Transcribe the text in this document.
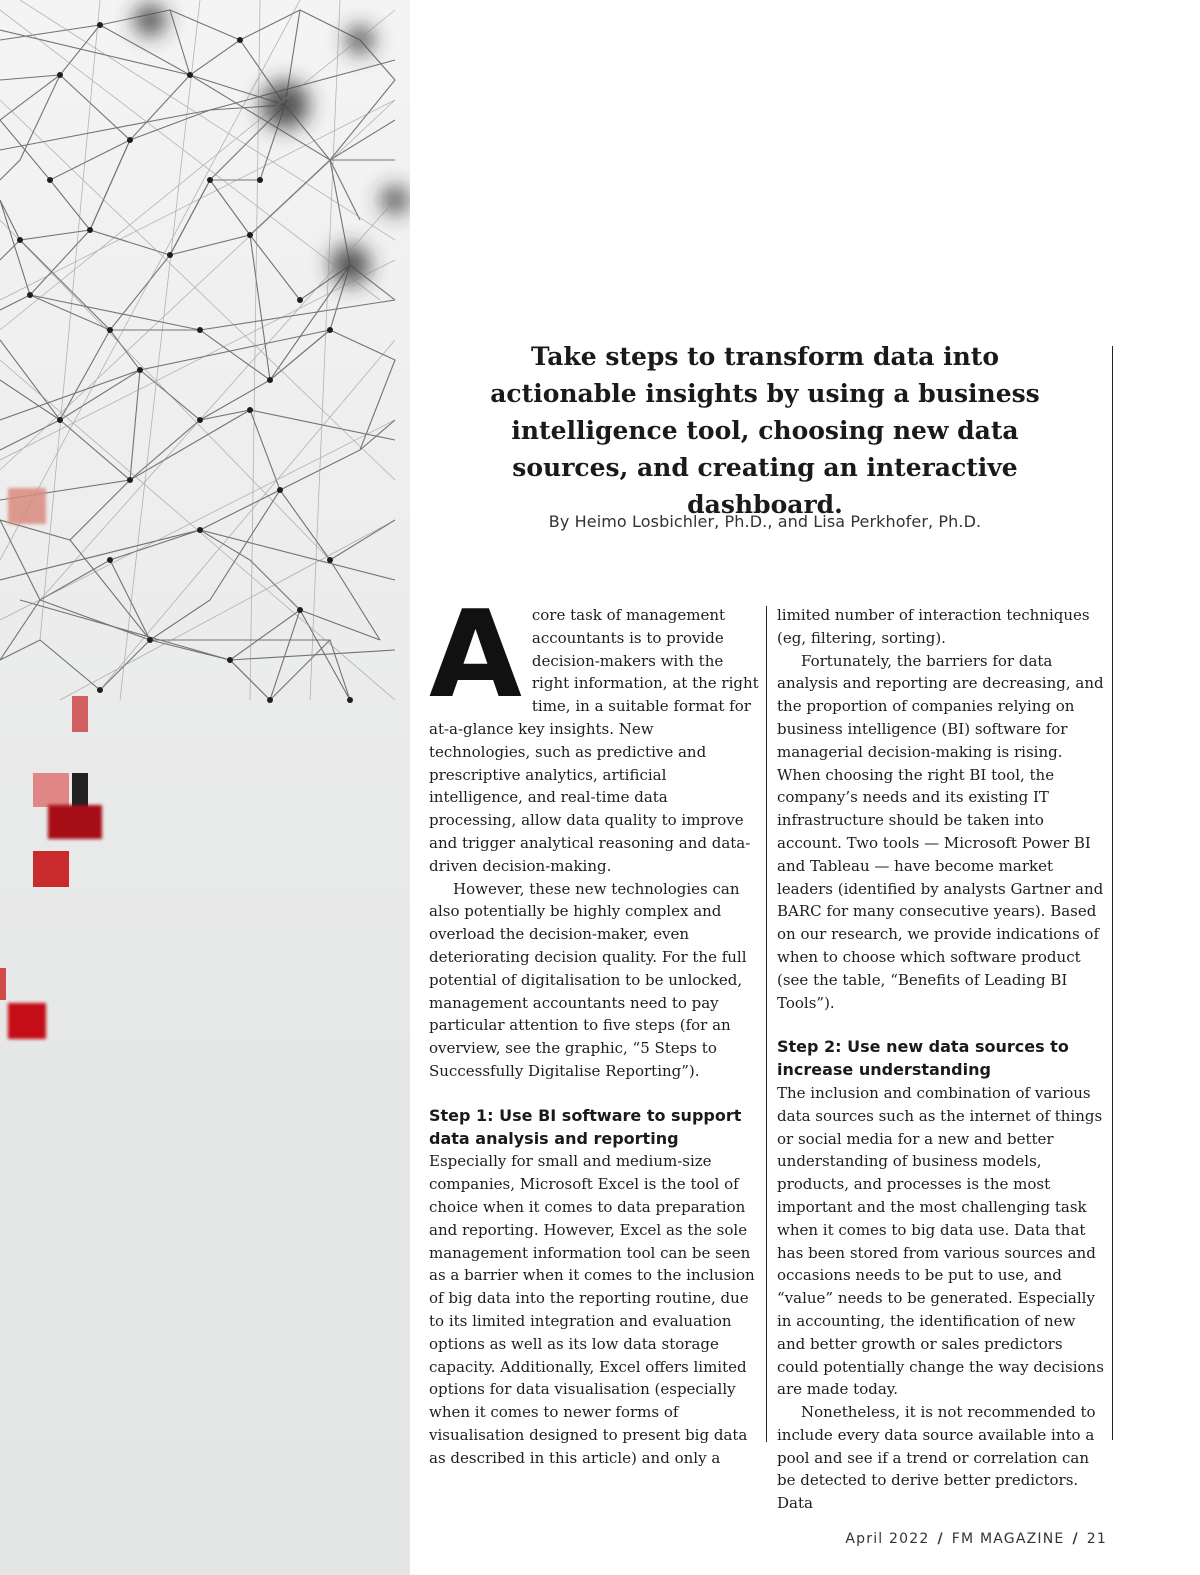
Take steps to transform data into actionable insights by using a business intelligence tool, choosing new data sources, and creating an interactive dashboard.
By Heimo Losbichler, Ph.D., and Lisa Perkhofer, Ph.D.

Acore task of management accountants is to provide decision-makers with the right information, at the right time, in a suitable format for at-a-glance key insights. New technologies, such as predictive and prescriptive analytics, artificial intelligence, and real-time data processing, allow data quality to improve and trigger analytical reasoning and data-driven decision-making.

However, these new technologies can also potentially be highly complex and overload the decision-maker, even deteriorating decision quality. For the full potential of digitalisation to be unlocked, management accountants need to pay particular attention to five steps (for an overview, see the graphic, “5 Steps to Successfully Digitalise Reporting”).

Step 1: Use BI software to support data analysis and reporting

Especially for small and medium-size companies, Microsoft Excel is the tool of choice when it comes to data preparation and reporting. However, Excel as the sole management information tool can be seen as a barrier when it comes to the inclusion of big data into the reporting routine, due to its limited integration and evaluation options as well as its low data storage capacity. Additionally, Excel offers limited options for data visualisation (especially when it comes to newer forms of visualisation designed to present big data as described in this article) and only a

limited number of interaction techniques (eg, filtering, sorting).

Fortunately, the barriers for data analysis and reporting are decreasing, and the proportion of companies relying on business intelligence (BI) software for managerial decision-making is rising. When choosing the right BI tool, the company’s needs and its existing IT infrastructure should be taken into account. Two tools — Microsoft Power BI and Tableau — have become market leaders (identified by analysts Gartner and BARC for many consecutive years). Based on our research, we provide indications of when to choose which software product (see the table, “Benefits of Leading BI Tools”).

Step 2: Use new data sources to increase understanding

The inclusion and combination of various data sources such as the internet of things or social media for a new and better understanding of business models, products, and processes is the most important and the most challenging task when it comes to big data use. Data that has been stored from various sources and occasions needs to be put to use, and “value” needs to be generated. Especially in accounting, the identification of new and better growth or sales predictors could potentially change the way decisions are made today.

Nonetheless, it is not recommended to include every data source available into a pool and see if a trend or correlation can be detected to derive better predictors. Data

April 2022 / FM MAGAZINE / 21
